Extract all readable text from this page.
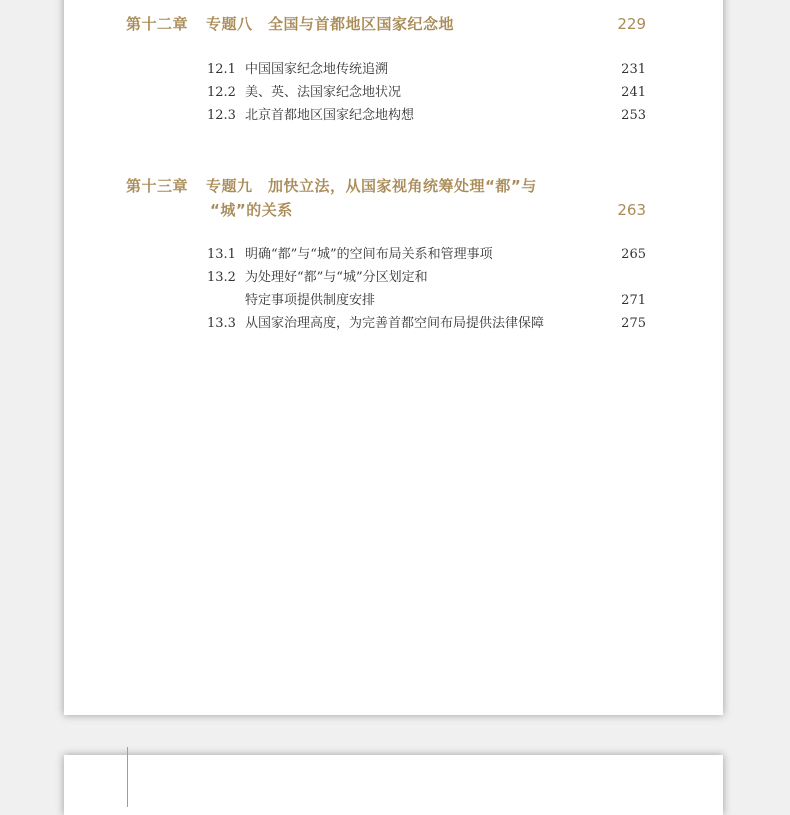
第十二章 专题八　全国与首都地区国家纪念地	229
12.1 中国国家纪念地传统追溯	231
12.2 美、英、法国家纪念地状况	241
12.3 北京首都地区国家纪念地构想	253
第十三章 专题九　加快立法，从国家视角统筹处理“都”与
“城”的关系	263
13.1 明确“都”与“城”的空间布局关系和管理事项	265
13.2 为处理好“都”与“城”分区划定和
特定事项提供制度安排	271
13.3 从国家治理高度，为完善首都空间布局提供法律保障	275
